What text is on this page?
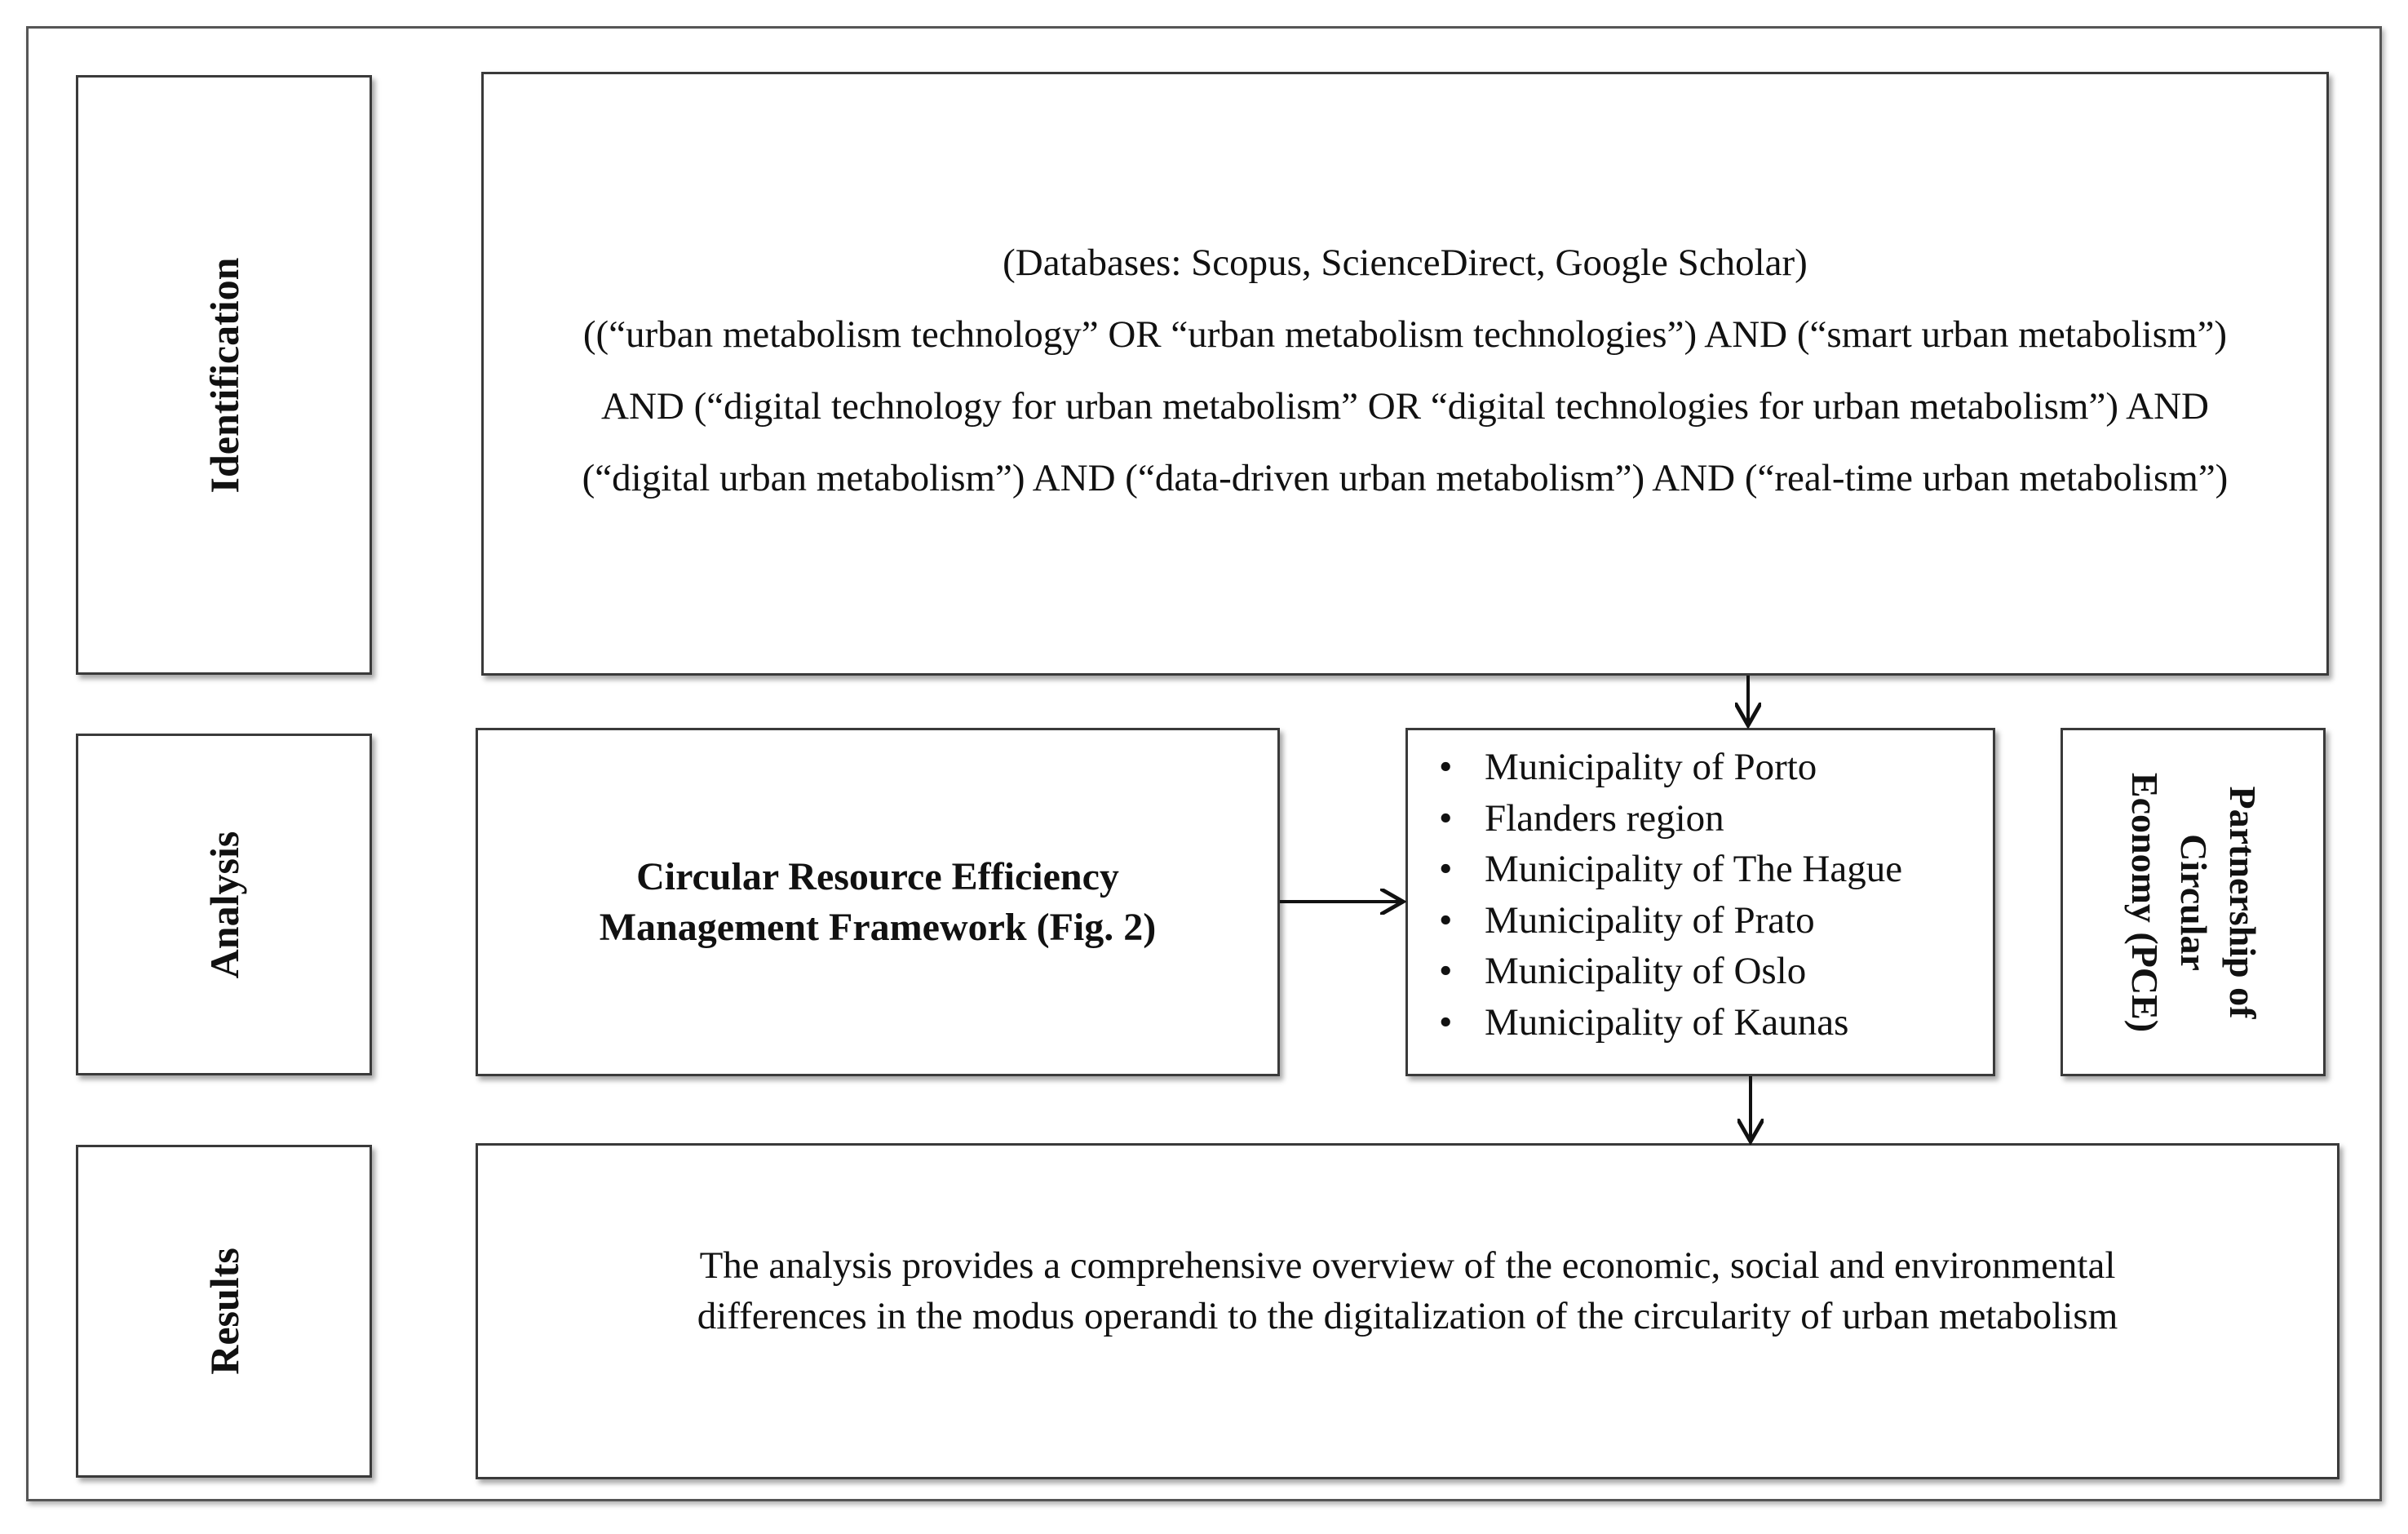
Identification
Analysis
Results
(Databases: Scopus, ScienceDirect, Google Scholar)
((“urban metabolism technology” OR “urban metabolism technologies”) AND (“smart urban metabolism”) AND (“digital technology for urban metabolism” OR “digital technologies for urban metabolism”) AND (“digital urban metabolism”) AND (“data-driven urban metabolism”) AND (“real-time urban metabolism”)
Circular Resource Efficiency
Management Framework (Fig. 2)
• Municipality of Porto
• Flanders region
• Municipality of The Hague
• Municipality of Prato
• Municipality of Oslo
• Municipality of Kaunas
Partnership of
Circular
Economy (PCE)
The analysis provides a comprehensive overview of the economic, social and environmental
differences in the modus operandi to the digitalization of the circularity of urban metabolism
